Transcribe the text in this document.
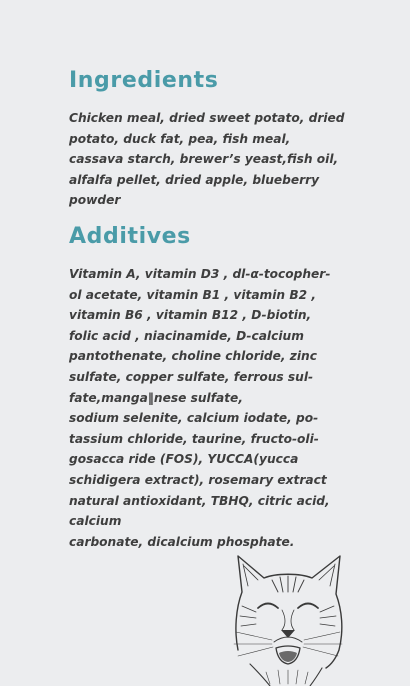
Ingredients

Chicken meal, dried sweet potato, dried
potato, duck fat, pea, fish meal,
cassava starch, brewer’s yeast,fish oil,
alfalfa pellet, dried apple, blueberry
powder

Additives

Vitamin A, vitamin D3 , dl-α-tocopher-
ol acetate, vitamin B1 , vitamin B2 ,
vitamin B6 , vitamin B12 , D-biotin,
folic acid , niacinamide, D-calcium
pantothenate, choline chloride, zinc
sulfate, copper sulfate, ferrous sul-
fate,manga‖nese sulfate,
sodium selenite, calcium iodate, po-
tassium chloride, taurine, fructo-oli-
gosacca ride (FOS), YUCCA(yucca
schidigera extract), rosemary extract
natural antioxidant, TBHQ, citric acid,
calcium
carbonate, dicalcium phosphate.
